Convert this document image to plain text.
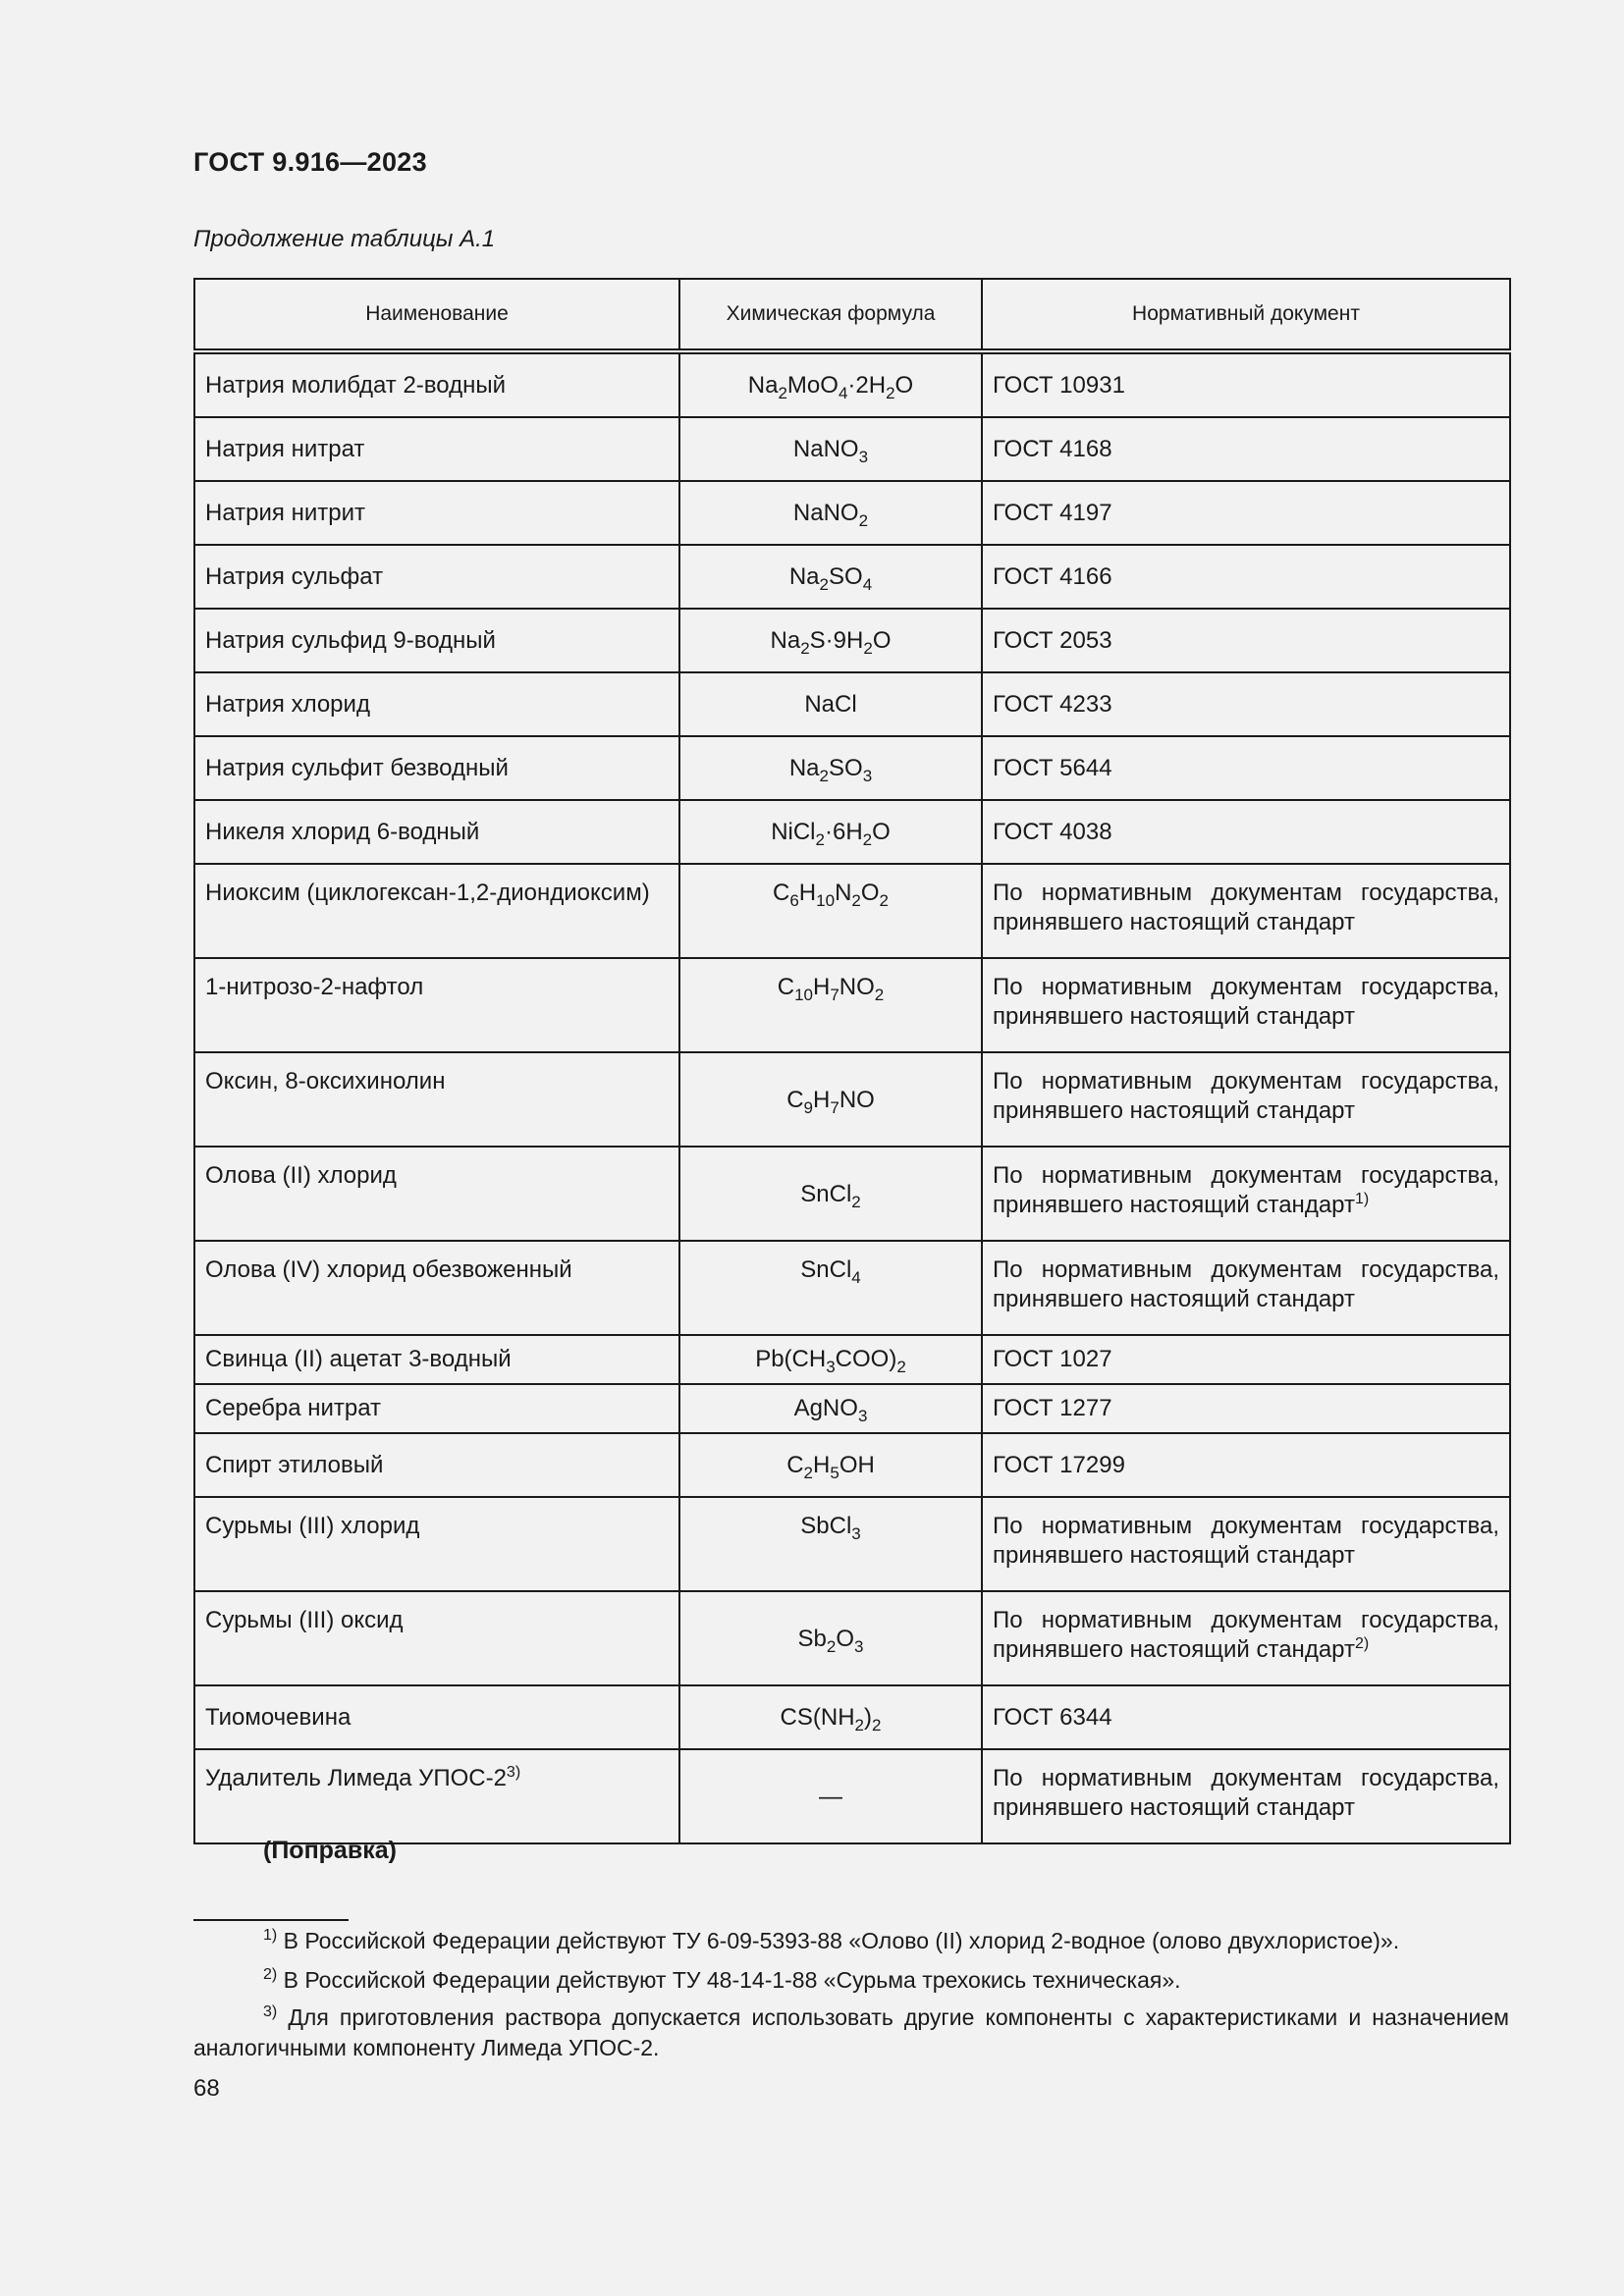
ГОСТ 9.916—2023
Продолжение таблицы А.1
Наименование	Химическая формула	Нормативный документ
Натрия молибдат 2-водный	$Na_2MoO_4\cdot 2H_2O$	ГОСТ 10931
Натрия нитрат	NaNO$_3$	ГОСТ 4168
Натрия нитрит	NaNO$_2$	ГОСТ 4197
Натрия сульфат	$Na_2SO_4$	ГОСТ 4166
Натрия сульфид 9-водный	$Na_2S\cdot 9H_2O$	ГОСТ 2053
Натрия хлорид	NaCl	ГОСТ 4233
Натрия сульфит безводный	$Na_2SO_3$	ГОСТ 5644
Никеля хлорид 6-водный	$NiCl_2\cdot 6H_2O$	ГОСТ 4038
Ниоксим (циклогексан-1,2-диондиоксим)	$C_6H_{10}N_2O_2$	По нормативным документам государства, принявшего настоящий стандарт
1-нитрозо-2-нафтол	$C_{10}H_7NO_2$	По нормативным документам государства, принявшего настоящий стандарт
Оксин, 8-оксихинолин	$C_9H_7NO$	По нормативным документам государства, принявшего настоящий стандарт
Олова (II) хлорид	SnCl$_2$	По нормативным документам государства, принявшего настоящий стандарт$^{1)}$
Олова (IV) хлорид обезвоженный	SnCl$_4$	По нормативным документам государства, принявшего настоящий стандарт
Свинца (II) ацетат 3-водный	$Pb(CH_3COO)_2$	ГОСТ 1027
Серебра нитрат	AgNO$_3$	ГОСТ 1277
Спирт этиловый	$C_2H_5OH$	ГОСТ 17299
Сурьмы (III) хлорид	SbCl$_3$	По нормативным документам государства, принявшего настоящий стандарт
Сурьмы (III) оксид	$Sb_2O_3$	По нормативным документам государства, принявшего настоящий стандарт$^{2)}$
Тиомочевина	$CS(NH_2)_2$	ГОСТ 6344
Удалитель Лимеда УПОС-2$^{3)}$	—	По нормативным документам государства, принявшего настоящий стандарт
(Поправка)
$^{1)}$ В Российской Федерации действуют ТУ 6-09-5393-88 «Олово (II) хлорид 2-водное (олово двухлористое)».
$^{2)}$ В Российской Федерации действуют ТУ 48-14-1-88 «Сурьма трехокись техническая».
$^{3)}$ Для приготовления раствора допускается использовать другие компоненты с характеристиками и назначением аналогичными компоненту Лимеда УПОС-2.
68
